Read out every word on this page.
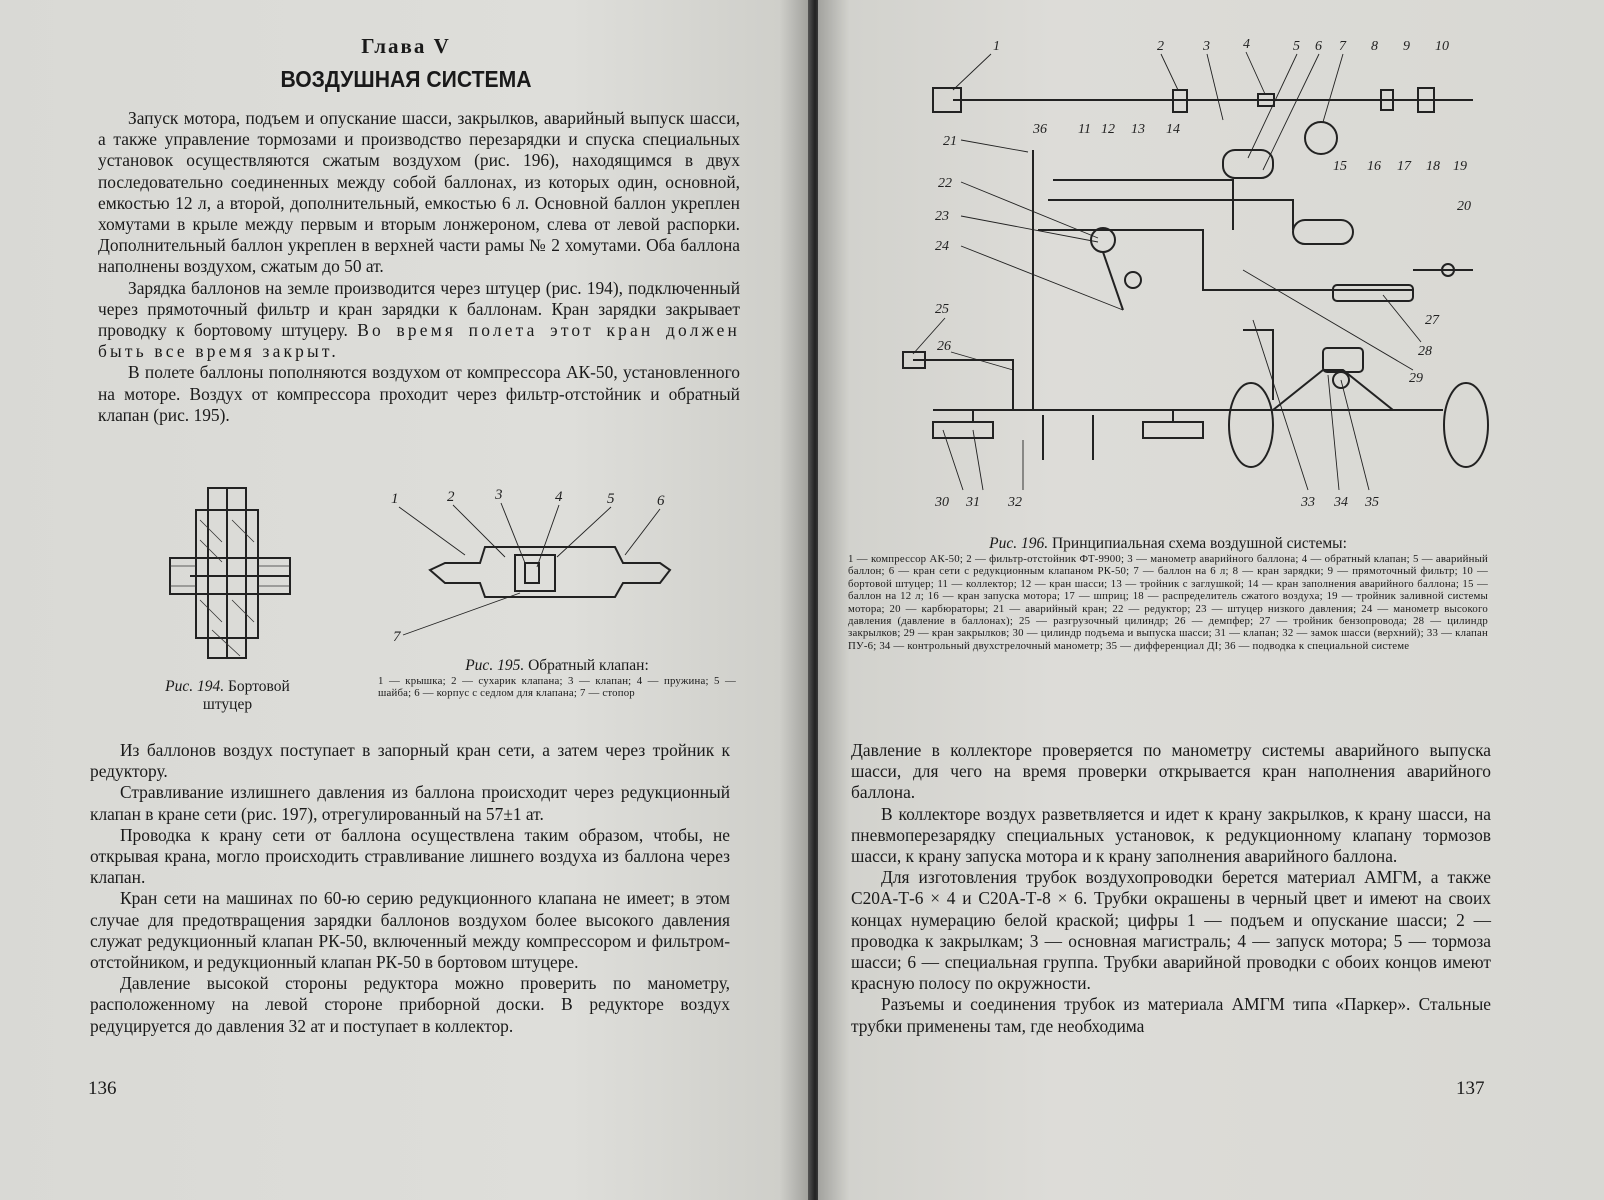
Глава V
ВОЗДУШНАЯ СИСТЕМА

Запуск мотора, подъем и опускание шасси, закрылков, аварийный выпуск шасси, а также управление тормозами и производство перезарядки и спуска специальных установок осуществляются сжатым воздухом (рис. 196), находящимся в двух последовательно соединенных между собой баллонах, из которых один, основной, емкостью 12 л, а второй, дополнительный, емкостью 6 л. Основной баллон укреплен хомутами в крыле между первым и вторым лонжероном, слева от левой распорки. Дополнительный баллон укреплен в верхней части рамы № 2 хомутами. Оба баллона наполнены воздухом, сжатым до 50 ат.

Зарядка баллонов на земле производится через штуцер (рис. 194), подключенный через прямоточный фильтр и кран зарядки к баллонам. Кран зарядки закрывает проводку к бортовому штуцеру. Во время полета этот кран должен быть все время закрыт.

В полете баллоны пополняются воздухом от компрессора АК-50, установленного на моторе. Воздух от компрессора проходит через фильтр-отстойник и обратный клапан (рис. 195).

Рис. 194. Бортовой штуцер
1	2	3	4	5	6
7
Рис. 195. Обратный клапан:
1 — крышка; 2 — сухарик клапана; 3 — клапан; 4 — пружина; 5 — шайба; 6 — корпус с седлом для клапана; 7 — стопор

Из баллонов воздух поступает в запорный кран сети, а затем через тройник к редуктору.

Стравливание излишнего давления из баллона происходит через редукционный клапан в кране сети (рис. 197), отрегулированный на 57±1 ат.

Проводка к крану сети от баллона осуществлена таким образом, чтобы, не открывая крана, могло происходить стравливание лишнего воздуха из баллона через клапан.

Кран сети на машинах по 60-ю серию редукционного клапана не имеет; в этом случае для предотвращения зарядки баллонов воздухом более высокого давления служат редукционный клапан РК-50, включенный между компрессором и фильтром-отстойником, и редукционный клапан РК-50 в бортовом штуцере.

Давление высокой стороны редуктора можно проверить по манометру, расположенному на левой стороне приборной доски. В редукторе воздух редуцируется до давления 32 ат и поступает в коллектор.

136
1	2	3 4	5 6 7 8 9 10
11 12 13 14
15 16 17 18 19
20
21
22
23
24
25
26
27
28
29
30 31 32	33 34 35
36
Рис. 196. Принципиальная схема воздушной системы:
1 — компрессор АК-50; 2 — фильтр-отстойник ФТ-9900; 3 — манометр аварийного баллона; 4 — обратный клапан; 5 — аварийный баллон; 6 — кран сети с редукционным клапаном РК-50; 7 — баллон на 6 л; 8 — кран зарядки; 9 — прямоточный фильтр; 10 — бортовой штуцер; 11 — коллектор; 12 — кран шасси; 13 — тройник с заглушкой; 14 — кран заполнения аварийного баллона; 15 — баллон на 12 л; 16 — кран запуска мотора; 17 — шприц; 18 — распределитель сжатого воздуха; 19 — тройник заливной системы мотора; 20 — карбюраторы; 21 — аварийный кран; 22 — редуктор; 23 — штуцер низкого давления; 24 — манометр высокого давления (давление в баллонах); 25 — разгрузочный цилиндр; 26 — демпфер; 27 — тройник бензопровода; 28 — цилиндр закрылков; 29 — кран закрылков; 30 — цилиндр подъема и выпуска шасси; 31 — клапан; 32 — замок шасси (верхний); 33 — клапан ПУ-6; 34 — контрольный двухстрелочный манометр; 35 — дифференциал ДI; 36 — подводка к специальной системе

Давление в коллекторе проверяется по манометру системы аварийного выпуска шасси, для чего на время проверки открывается кран наполнения аварийного баллона.

В коллекторе воздух разветвляется и идет к крану закрылков, к крану шасси, на пневмоперезарядку специальных установок, к редукционному клапану тормозов шасси, к крану запуска мотора и к крану заполнения аварийного баллона.

Для изготовления трубок воздухопроводки берется материал АМГМ, а также С20А-Т-6 × 4 и С20А-Т-8 × 6. Трубки окрашены в черный цвет и имеют на своих концах нумерацию белой краской; цифры 1 — подъем и опускание шасси; 2 — проводка к закрылкам; 3 — основная магистраль; 4 — запуск мотора; 5 — тормоза шасси; 6 — специальная группа. Трубки аварийной проводки с обоих концов имеют красную полосу по окружности.

Разъемы и соединения трубок из материала АМГМ типа «Паркер». Стальные трубки применены там, где необходима

137
